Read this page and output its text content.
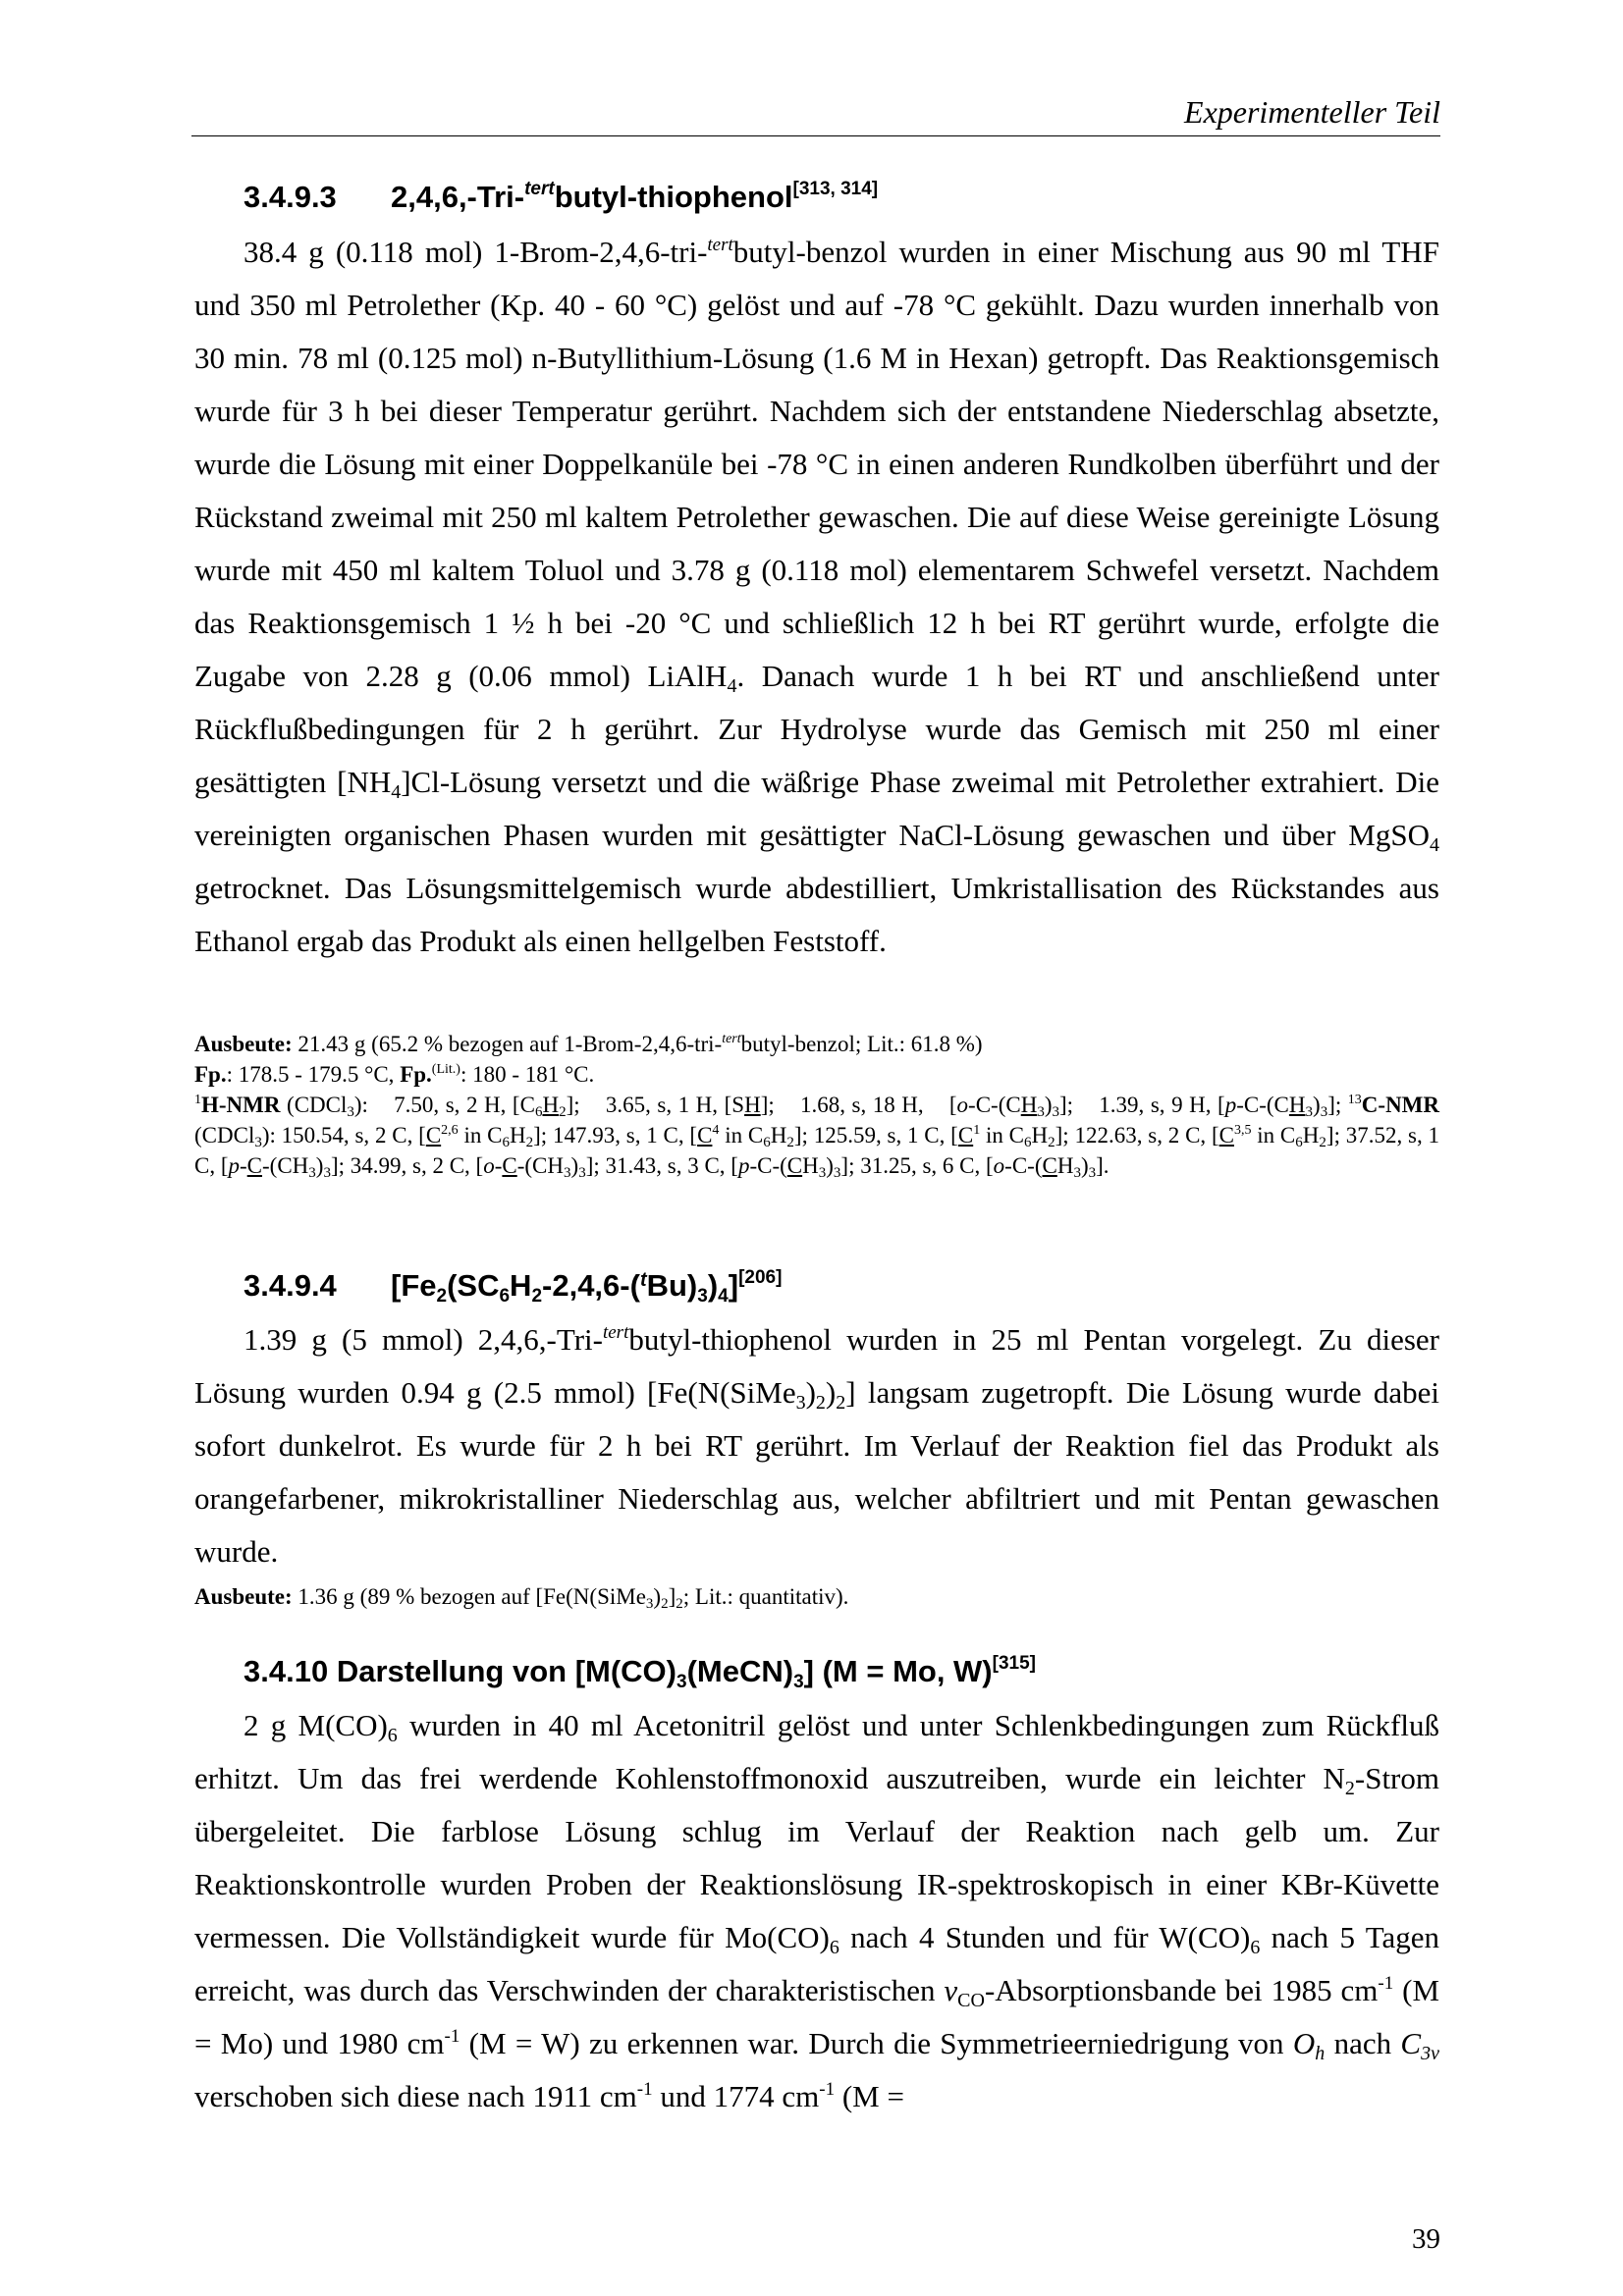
Experimenteller Teil
3.4.9.3 2,4,6,-Tri-$^{tert}$butyl-thiophenol[313, 314]
38.4 g (0.118 mol) 1-Brom-2,4,6-tri-$^{tert}$butyl-benzol wurden in einer Mischung aus 90 ml THF und 350 ml Petrolether (Kp. 40 - 60 °C) gelöst und auf -78 °C gekühlt. Dazu wurden innerhalb von 30 min. 78 ml (0.125 mol) n-Butyllithium-Lösung (1.6 M in Hexan) getropft. Das Reaktionsgemisch wurde für 3 h bei dieser Temperatur gerührt. Nachdem sich der entstandene Niederschlag absetzte, wurde die Lösung mit einer Doppelkanüle bei -78 °C in einen anderen Rundkolben überführt und der Rückstand zweimal mit 250 ml kaltem Petrolether gewaschen. Die auf diese Weise gereinigte Lösung wurde mit 450 ml kaltem Toluol und 3.78 g (0.118 mol) elementarem Schwefel versetzt. Nachdem das Reaktionsgemisch 1 ½ h bei -20 °C und schließlich 12 h bei RT gerührt wurde, erfolgte die Zugabe von 2.28 g (0.06 mmol) LiAlH$_4$. Danach wurde 1 h bei RT und anschließend unter Rückflußbedingungen für 2 h gerührt. Zur Hydrolyse wurde das Gemisch mit 250 ml einer gesättigten $[NH_4]Cl$-Lösung versetzt und die wäßrige Phase zweimal mit Petrolether extrahiert. Die vereinigten organischen Phasen wurden mit gesättigter NaCl-Lösung gewaschen und über MgSO$_4$ getrocknet. Das Lösungsmittelgemisch wurde abdestilliert, Umkristallisation des Rückstandes aus Ethanol ergab das Produkt als einen hellgelben Feststoff.
Ausbeute: 21.43 g (65.2 % bezogen auf 1-Brom-2,4,6-tri-$^{tert}$butyl-benzol; Lit.: 61.8 %)
Fp.: 178.5 - 179.5 °C, Fp.$^{(Lit.)}$: 180 - 181 °C.
$^1$H-NMR (CDCl$_3$):    7.50, s, 2 H, $[C_6H_2]$;    3.65, s, 1 H, [SH];    1.68, s, 18 H,    $[o-C-(CH_3)_3]$;    1.39, s, 9 H, $[p-C-(CH_3)_3]$; $^{13}$C-NMR (CDCl$_3$): 150.54, s, 2 C, [$C^{2,6}$ in $C_6H_2$]; 147.93, s, 1 C, [$C^4$ in $C_6H_2$]; 125.59, s, 1 C, [$C^1$ in $C_6H_2$]; 122.63, s, 2 C, [$C^{3,5}$ in $C_6H_2$]; 37.52, s, 1 C, $[p-C-(CH_3)_3]$; 34.99, s, 2 C, $[o-C-(CH_3)_3]$; 31.43, s, 3 C, $[p-C-(CH_3)_3]$; 31.25, s, 6 C, $[o-C-(CH_3)_3]$.
3.4.9.4 $[Fe_2(SC_6H_2-2,4,6-(^tBu)_3)_4][206]$
1.39 g (5 mmol) 2,4,6,-Tri-$^{tert}$butyl-thiophenol wurden in 25 ml Pentan vorgelegt. Zu dieser Lösung wurden 0.94 g (2.5 mmol) $[Fe(N(SiMe_3)_2)_2]$ langsam zugetropft. Die Lösung wurde dabei sofort dunkelrot. Es wurde für 2 h bei RT gerührt. Im Verlauf der Reaktion fiel das Produkt als orangefarbener, mikrokristalliner Niederschlag aus, welcher abfiltriert und mit Pentan gewaschen wurde.
Ausbeute: 1.36 g (89 % bezogen auf [$Fe(N(SiMe_3)_2]_2$; Lit.: quantitativ).
3.4.10 Darstellung von $[M(CO)_3(MeCN)_3] (M = Mo$, W)[315]
2 g $M(CO)_6$ wurden in 40 ml Acetonitril gelöst und unter Schlenkbedingungen zum Rückfluß erhitzt. Um das frei werdende Kohlenstoffmonoxid auszutreiben, wurde ein leichter $N_2$-Strom übergeleitet. Die farblose Lösung schlug im Verlauf der Reaktion nach gelb um. Zur Reaktionskontrolle wurden Proben der Reaktionslösung IR-spektroskopisch in einer KBr-Küvette vermessen. Die Vollständigkeit wurde für $Mo(CO)_6$ nach 4 Stunden und für $W(CO)_6$ nach 5 Tagen erreicht, was durch das Verschwinden der charakteristischen $\nu_{CO}$-Absorptionsbande bei 1985 $cm^{-1}$ (M = Mo) und 1980 $cm^{-1}$ (M = W) zu erkennen war. Durch die Symmetrieerniedrigung von $O_h$ nach $C_{3v}$ verschoben sich diese nach 1911 $cm^{-1}$ und 1774 $cm^{-1}$ (M =
39
